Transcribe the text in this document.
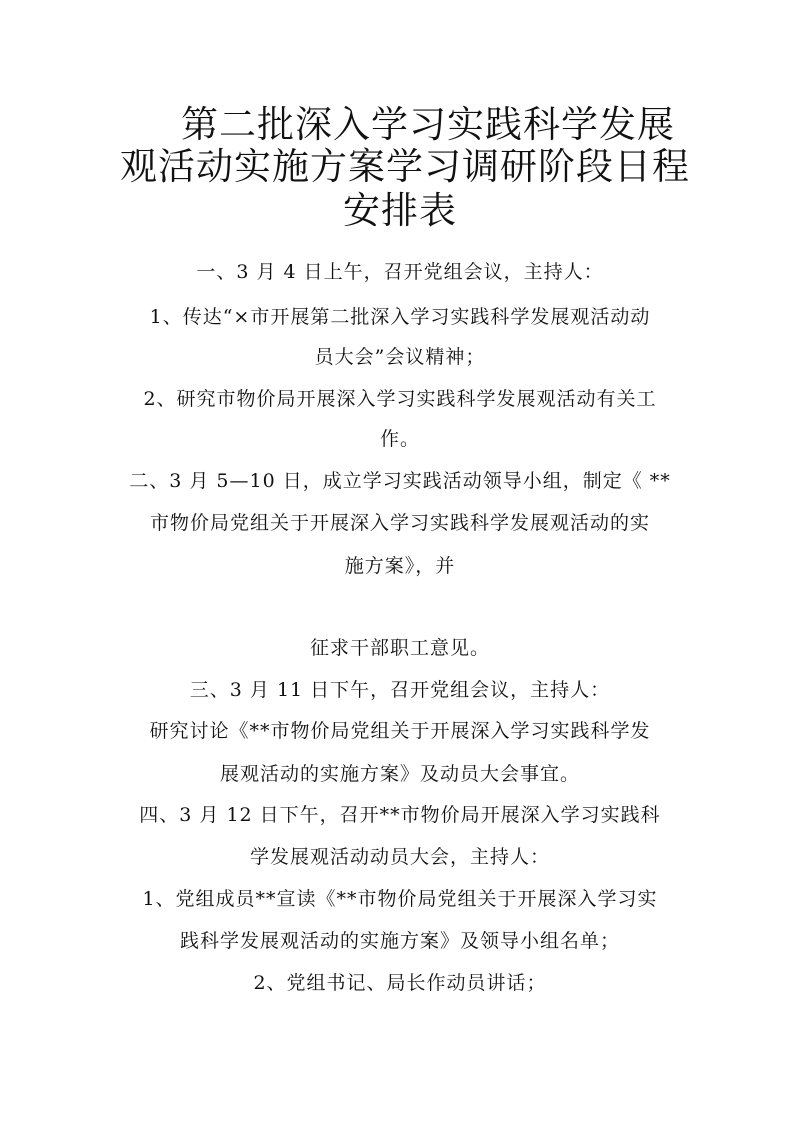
第二批深入学习实践科学发展
观活动实施方案学习调研阶段日程
安排表
一、3 月 4 日上午，召开党组会议，主持人：
1、传达“×市开展第二批深入学习实践科学发展观活动动
员大会”会议精神；
2、研究市物价局开展深入学习实践科学发展观活动有关工
作。
二、3 月 5—10 日，成立学习实践活动领导小组，制定《 **
市物价局党组关于开展深入学习实践科学发展观活动的实
施方案》，并
征求干部职工意见。
三、3 月 11 日下午，召开党组会议，主持人：
研究讨论《**市物价局党组关于开展深入学习实践科学发
展观活动的实施方案》及动员大会事宜。
四、3 月 12 日下午，召开**市物价局开展深入学习实践科
学发展观活动动员大会，主持人：
1、党组成员**宣读《**市物价局党组关于开展深入学习实
践科学发展观活动的实施方案》及领导小组名单；
2、党组书记、局长作动员讲话；
